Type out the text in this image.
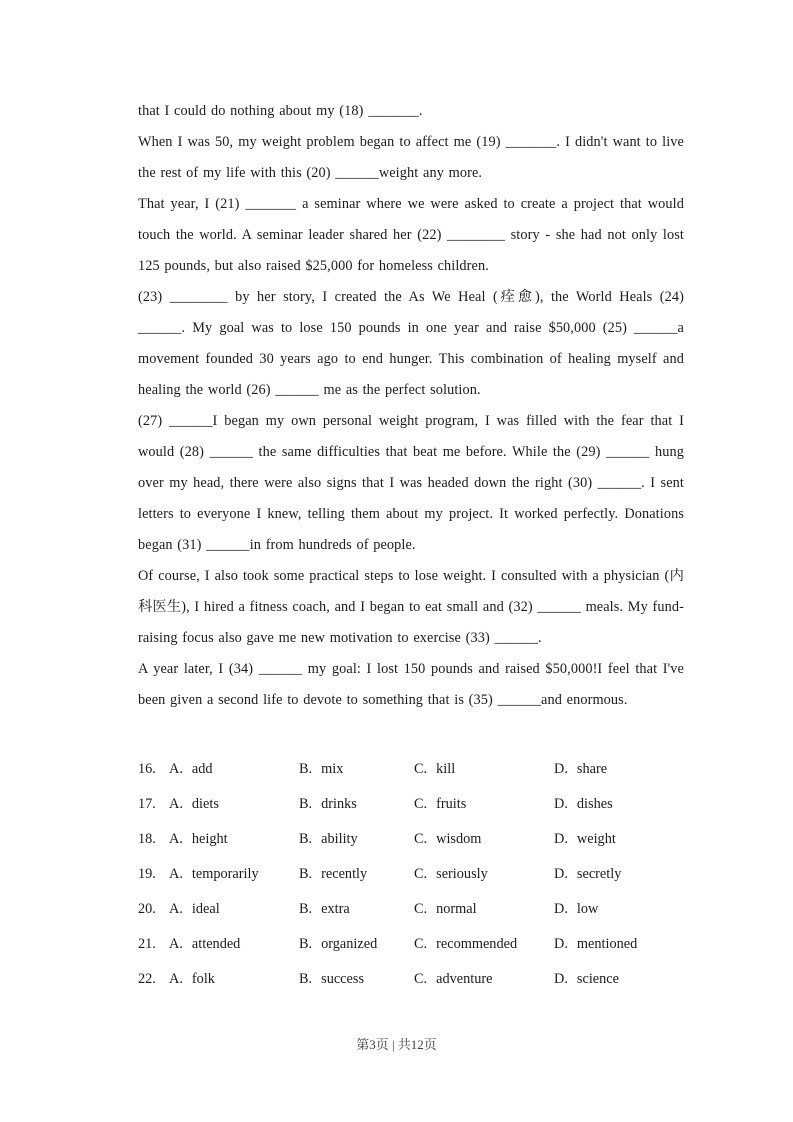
that I could do nothing about my (18) _______.

When I was 50, my weight problem began to affect me (19) _______. I didn't want to live the rest of my life with this (20) ______weight any more.

That year, I (21) _______ a seminar where we were asked to create a project that would touch the world. A seminar leader shared her (22) ________ story - she had not only lost 125 pounds, but also raised $25,000 for homeless children.

(23) ________ by her story, I created the As We Heal (痊愈), the World Heals (24) ______. My goal was to lose 150 pounds in one year and raise $50,000 (25) ______a movement founded 30 years ago to end hunger. This combination of healing myself and healing the world (26) ______ me as the perfect solution.

(27) ______I began my own personal weight program, I was filled with the fear that I would (28) ______ the same difficulties that beat me before. While the (29) ______ hung over my head, there were also signs that I was headed down the right (30) ______. I sent letters to everyone I knew, telling them about my project. It worked perfectly. Donations began (31) ______in from hundreds of people.

Of course, I also took some practical steps to lose weight. I consulted with a physician (内科医生), I hired a fitness coach, and I began to eat small and (32) ______ meals. My fund-raising focus also gave me new motivation to exercise (33) ______.

A year later, I (34) ______ my goal: I lost 150 pounds and raised $50,000!I feel that I've been given a second life to devote to something that is (35) ______and enormous.

16. A. add	B. mix	C. kill	D. share
17. A. diets	B. drinks	C. fruits	D. dishes
18. A. height	B. ability	C. wisdom	D. weight
19. A. temporarily	B. recently	C. seriously	D. secretly
20. A. ideal	B. extra	C. normal	D. low
21. A. attended	B. organized	C. recommended	D. mentioned
22. A. folk	B. success	C. adventure	D. science
第3页 | 共12页
